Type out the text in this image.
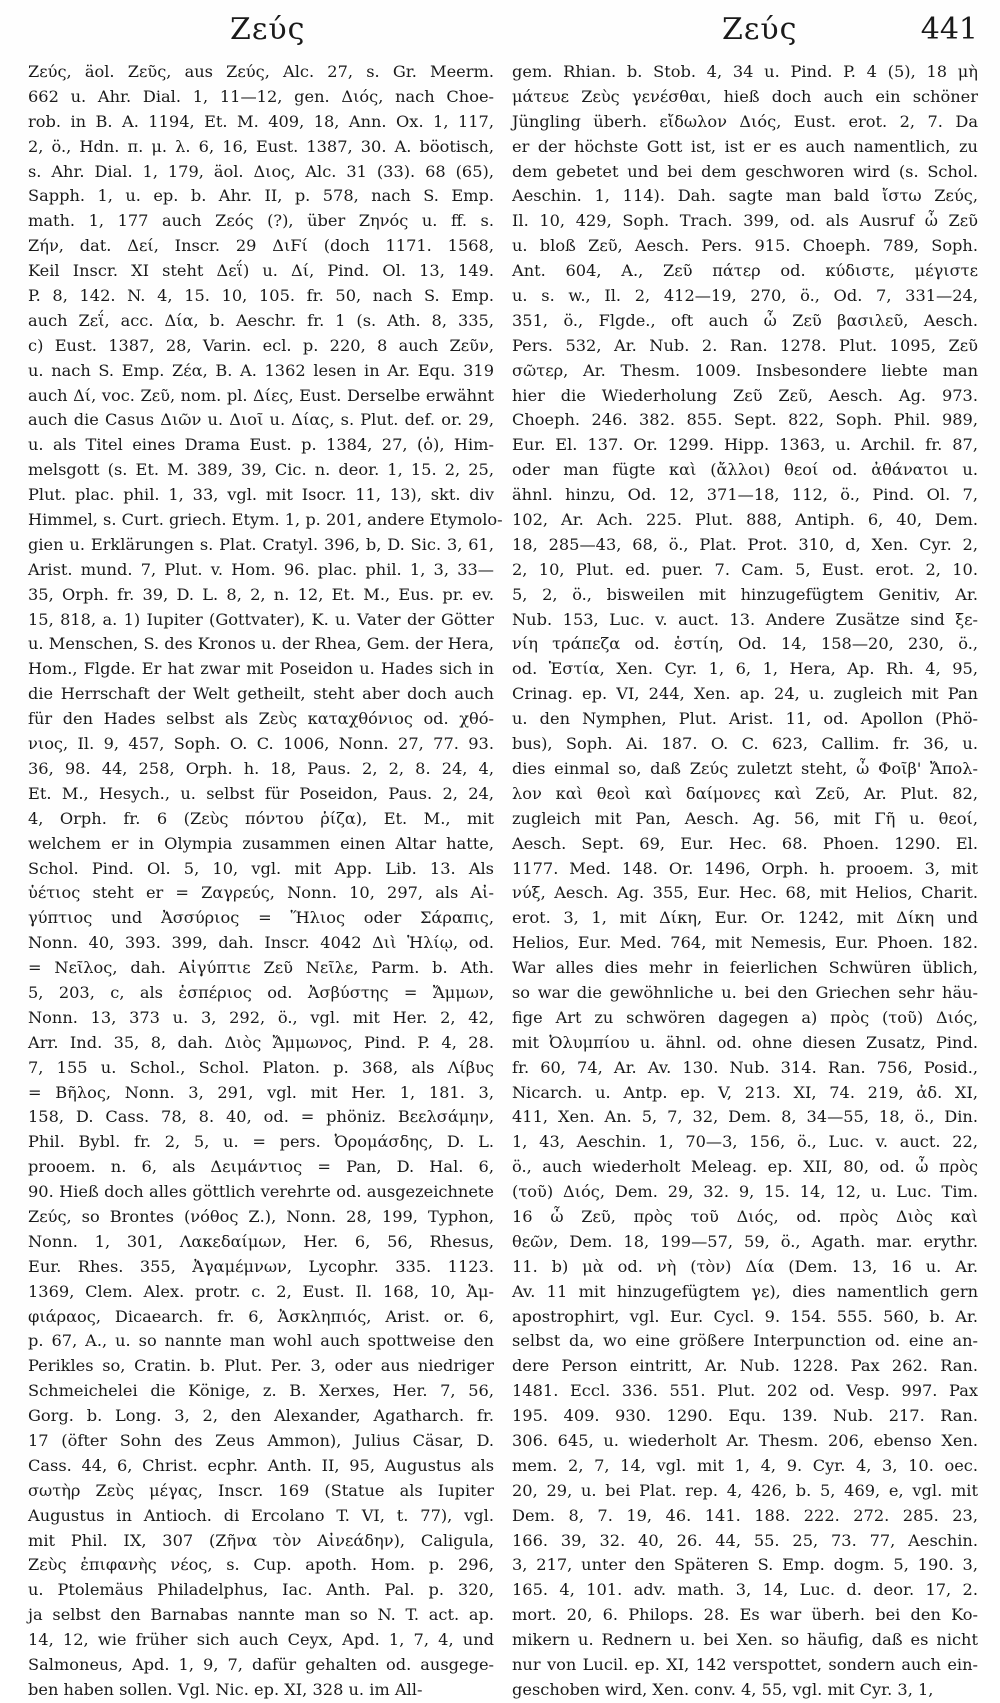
Ζεύς	Ζεύς	441
Ζεύς, äol. Ζεῦς, aus Ζεύς, Alc. 27, s. Gr. Meerm.
662 u. Ahr. Dial. 1, 11—12, gen. Διός, nach Choe-
rob. in B. A. 1194, Et. M. 409, 18, Ann. Ox. 1, 117,
2, ö., Hdn. π. μ. λ. 6, 16, Eust. 1387, 30. A. böotisch,
s. Ahr. Dial. 1, 179, äol. Διος, Alc. 31 (33). 68 (65),
Sapph. 1, u. ep. b. Ahr. II, p. 578, nach S. Emp.
math. 1, 177 auch Ζεός (?), über Ζηνός u. ff. s.
Ζήν, dat. Δεί, Inscr. 29 ΔιϜί (doch 1171. 1568,
Keil Inscr. XI steht Δεΐ) u. Δί, Pind. Ol. 13, 149.
P. 8, 142. N. 4, 15. 10, 105. fr. 50, nach S. Emp.
auch Ζεΐ, acc. Δία, b. Aeschr. fr. 1 (s. Ath. 8, 335,
c) Eust. 1387, 28, Varin. ecl. p. 220, 8 auch Ζεῦν,
u. nach S. Emp. Ζέα, B. A. 1362 lesen in Ar. Equ. 319
auch Δί, voc. Ζεῦ, nom. pl. Δίες, Eust. Derselbe erwähnt
auch die Casus Διῶν u. Διοῖ u. Δίας, s. Plut. def. or. 29,
u. als Titel eines Drama Eust. p. 1384, 27, (ὁ), Him-
melsgott (s. Et. M. 389, 39, Cic. n. deor. 1, 15. 2, 25,
Plut. plac. phil. 1, 33, vgl. mit Isocr. 11, 13), skt. div
Himmel, s. Curt. griech. Etym. 1, p. 201, andere Etymolo-
gien u. Erklärungen s. Plat. Cratyl. 396, b, D. Sic. 3, 61,
Arist. mund. 7, Plut. v. Hom. 96. plac. phil. 1, 3, 33—
35, Orph. fr. 39, D. L. 8, 2, n. 12, Et. M., Eus. pr. ev.
15, 818, a. 1) Iupiter (Gottvater), K. u. Vater der Götter
u. Menschen, S. des Kronos u. der Rhea, Gem. der Hera,
Hom., Flgde. Er hat zwar mit Poseidon u. Hades sich in
die Herrschaft der Welt getheilt, steht aber doch auch
für den Hades selbst als Ζεὺς καταχθόνιος od. χθό-
νιος, Il. 9, 457, Soph. O. C. 1006, Nonn. 27, 77. 93.
36, 98. 44, 258, Orph. h. 18, Paus. 2, 2, 8. 24, 4,
Et. M., Hesych., u. selbst für Poseidon, Paus. 2, 24,
4, Orph. fr. 6 (Ζεὺς πόντου ῥίζα), Et. M., mit
welchem er in Olympia zusammen einen Altar hatte,
Schol. Pind. Ol. 5, 10, vgl. mit App. Lib. 13. Als
ὑέτιος steht er = Ζαγρεύς, Nonn. 10, 297, als Αἰ-
γύπτιος und Ἀσσύριος = Ἥλιος oder Σάραπις,
Nonn. 40, 393. 399, dah. Inscr. 4042 Διὶ Ἡλίῳ, od.
= Νεῖλος, dah. Αἰγύπτιε Ζεῦ Νεῖλε, Parm. b. Ath.
5, 203, c, als ἑσπέριος od. Ἀσβύστης = Ἄμμων,
Nonn. 13, 373 u. 3, 292, ö., vgl. mit Her. 2, 42,
Arr. Ind. 35, 8, dah. Διὸς Ἄμμωνος, Pind. P. 4, 28.
7, 155 u. Schol., Schol. Platon. p. 368, als Λίβυς
= Βῆλος, Nonn. 3, 291, vgl. mit Her. 1, 181. 3,
158, D. Cass. 78, 8. 40, od. = phöniz. Βεελσάμην,
Phil. Bybl. fr. 2, 5, u. = pers. Ὀρομάσδης, D. L.
prooem. n. 6, als Δειμάντιος = Pan, D. Hal. 6,
90. Hieß doch alles göttlich verehrte od. ausgezeichnete
Ζεύς, so Brontes (νόθος Ζ.), Nonn. 28, 199, Typhon,
Nonn. 1, 301, Λακεδαίμων, Her. 6, 56, Rhesus,
Eur. Rhes. 355, Ἀγαμέμνων, Lycophr. 335. 1123.
1369, Clem. Alex. protr. c. 2, Eust. Il. 168, 10, Ἀμ-
φιάραος, Dicaearch. fr. 6, Ἀσκληπιός, Arist. or. 6,
p. 67, A., u. so nannte man wohl auch spottweise den
Perikles so, Cratin. b. Plut. Per. 3, oder aus niedriger
Schmeichelei die Könige, z. B. Xerxes, Her. 7, 56,
Gorg. b. Long. 3, 2, den Alexander, Agatharch. fr.
17 (öfter Sohn des Zeus Ammon), Julius Cäsar, D.
Cass. 44, 6, Christ. ecphr. Anth. II, 95, Augustus als
σωτὴρ Ζεὺς μέγας, Inscr. 169 (Statue als Iupiter
Augustus in Antioch. di Ercolano T. VI, t. 77), vgl.
mit Phil. IX, 307 (Ζῆνα τὸν Αἰνεάδην), Caligula,
Ζεὺς ἐπιφανὴς νέος, s. Cup. apoth. Hom. p. 296,
u. Ptolemäus Philadelphus, Iac. Anth. Pal. p. 320,
ja selbst den Barnabas nannte man so N. T. act. ap.
14, 12, wie früher sich auch Ceyx, Apd. 1, 7, 4, und
Salmoneus, Apd. 1, 9, 7, dafür gehalten od. ausgege-
ben haben sollen. Vgl. Nic. ep. XI, 328 u. im All-
gem. Rhian. b. Stob. 4, 34 u. Pind. P. 4 (5), 18 μὴ
μάτευε Ζεὺς γενέσθαι, hieß doch auch ein schöner
Jüngling überh. εἴδωλον Διός, Eust. erot. 2, 7. Da
er der höchste Gott ist, ist er es auch namentlich, zu
dem gebetet und bei dem geschworen wird (s. Schol.
Aeschin. 1, 114). Dah. sagte man bald ἴστω Ζεύς,
Il. 10, 429, Soph. Trach. 399, od. als Ausruf ὦ Ζεῦ
u. bloß Ζεῦ, Aesch. Pers. 915. Choeph. 789, Soph.
Ant. 604, A., Ζεῦ πάτερ od. κύδιστε, μέγιστε
u. s. w., Il. 2, 412—19, 270, ö., Od. 7, 331—24,
351, ö., Flgde., oft auch ὦ Ζεῦ βασιλεῦ, Aesch.
Pers. 532, Ar. Nub. 2. Ran. 1278. Plut. 1095, Ζεῦ
σῶτερ, Ar. Thesm. 1009. Insbesondere liebte man
hier die Wiederholung Ζεῦ Ζεῦ, Aesch. Ag. 973.
Choeph. 246. 382. 855. Sept. 822, Soph. Phil. 989,
Eur. El. 137. Or. 1299. Hipp. 1363, u. Archil. fr. 87,
oder man fügte καὶ (ἄλλοι) θεοί od. ἀθάνατοι u.
ähnl. hinzu, Od. 12, 371—18, 112, ö., Pind. Ol. 7,
102, Ar. Ach. 225. Plut. 888, Antiph. 6, 40, Dem.
18, 285—43, 68, ö., Plat. Prot. 310, d, Xen. Cyr. 2,
2, 10, Plut. ed. puer. 7. Cam. 5, Eust. erot. 2, 10.
5, 2, ö., bisweilen mit hinzugefügtem Genitiv, Ar.
Nub. 153, Luc. v. auct. 13. Andere Zusätze sind ξε-
νίη τράπεζα od. ἑστίη, Od. 14, 158—20, 230, ö.,
od. Ἑστία, Xen. Cyr. 1, 6, 1, Hera, Ap. Rh. 4, 95,
Crinag. ep. VI, 244, Xen. ap. 24, u. zugleich mit Pan
u. den Nymphen, Plut. Arist. 11, od. Apollon (Phö-
bus), Soph. Ai. 187. O. C. 623, Callim. fr. 36, u.
dies einmal so, daß Ζεύς zuletzt steht, ὦ Φοῖβ' Ἄπολ-
λον καὶ θεοὶ καὶ δαίμονες καὶ Ζεῦ, Ar. Plut. 82,
zugleich mit Pan, Aesch. Ag. 56, mit Γῆ u. θεοί,
Aesch. Sept. 69, Eur. Hec. 68. Phoen. 1290. El.
1177. Med. 148. Or. 1496, Orph. h. prooem. 3, mit
νύξ, Aesch. Ag. 355, Eur. Hec. 68, mit Helios, Charit.
erot. 3, 1, mit Δίκη, Eur. Or. 1242, mit Δίκη und
Helios, Eur. Med. 764, mit Nemesis, Eur. Phoen. 182.
War alles dies mehr in feierlichen Schwüren üblich,
so war die gewöhnliche u. bei den Griechen sehr häu-
fige Art zu schwören dagegen a) πρὸς (τοῦ) Διός,
mit Ὀλυμπίου u. ähnl. od. ohne diesen Zusatz, Pind.
fr. 60, 74, Ar. Av. 130. Nub. 314. Ran. 756, Posid.,
Nicarch. u. Antp. ep. V, 213. XI, 74. 219, ἀδ. XI,
411, Xen. An. 5, 7, 32, Dem. 8, 34—55, 18, ö., Din.
1, 43, Aeschin. 1, 70—3, 156, ö., Luc. v. auct. 22,
ö., auch wiederholt Meleag. ep. XII, 80, od. ὦ πρὸς
(τοῦ) Διός, Dem. 29, 32. 9, 15. 14, 12, u. Luc. Tim.
16 ὦ Ζεῦ, πρὸς τοῦ Διός, od. πρὸς Διὸς καὶ
θεῶν, Dem. 18, 199—57, 59, ö., Agath. mar. erythr.
11. b) μὰ od. νὴ (τὸν) Δία (Dem. 13, 16 u. Ar.
Av. 11 mit hinzugefügtem γε), dies namentlich gern
apostrophirt, vgl. Eur. Cycl. 9. 154. 555. 560, b. Ar.
selbst da, wo eine größere Interpunction od. eine an-
dere Person eintritt, Ar. Nub. 1228. Pax 262. Ran.
1481. Eccl. 336. 551. Plut. 202 od. Vesp. 997. Pax
195. 409. 930. 1290. Equ. 139. Nub. 217. Ran.
306. 645, u. wiederholt Ar. Thesm. 206, ebenso Xen.
mem. 2, 7, 14, vgl. mit 1, 4, 9. Cyr. 4, 3, 10. oec.
20, 29, u. bei Plat. rep. 4, 426, b. 5, 469, e, vgl. mit
Dem. 8, 7. 19, 46. 141. 188. 222. 272. 285. 23,
166. 39, 32. 40, 26. 44, 55. 25, 73. 77, Aeschin.
3, 217, unter den Späteren S. Emp. dogm. 5, 190. 3,
165. 4, 101. adv. math. 3, 14, Luc. d. deor. 17, 2.
mort. 20, 6. Philops. 28. Es war überh. bei den Ko-
mikern u. Rednern u. bei Xen. so häufig, daß es nicht
nur von Lucil. ep. XI, 142 verspottet, sondern auch ein-
geschoben wird, Xen. conv. 4, 55, vgl. mit Cyr. 3, 1,
